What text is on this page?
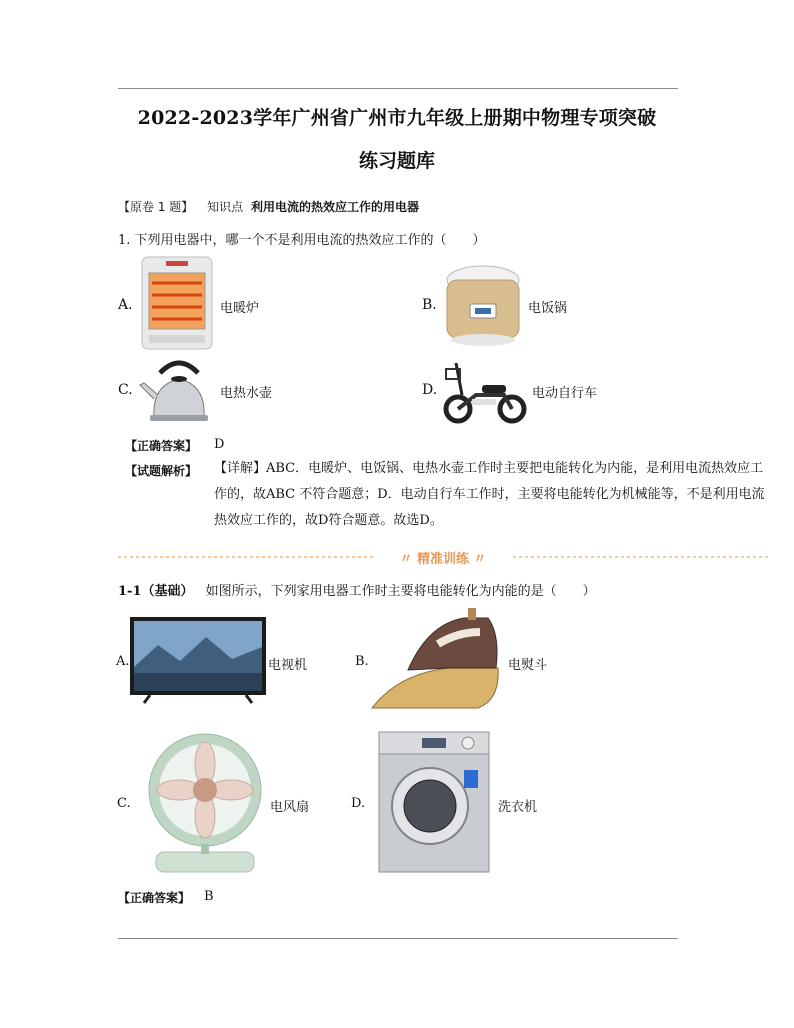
2022-2023学年广州省广州市九年级上册期中物理专项突破
练习题库
【原卷 1 题】 知识点 利用电流的热效应工作的用电器
1. 下列用电器中，哪一个不是利用电流的热效应工作的（　　）
A.	电暖炉	B.	电饭锅
C.	电热水壶	D.	电动自行车
【正确答案】 D
【试题解析】 【详解】ABC．电暖炉、电饭锅、电热水壶工作时主要把电能转化为内能，是利用电流热效应工作的，故ABC 不符合题意；D．电动自行车工作时，主要将电能转化为机械能等，不是利用电流热效应工作的，故D符合题意。故选D。
〃 精准训练 〃
1-1（基础） 如图所示，下列家用电器工作时主要将电能转化为内能的是（　　）
A.	电视机	B.	电熨斗
C.	电风扇	D.	洗衣机
【正确答案】 B
